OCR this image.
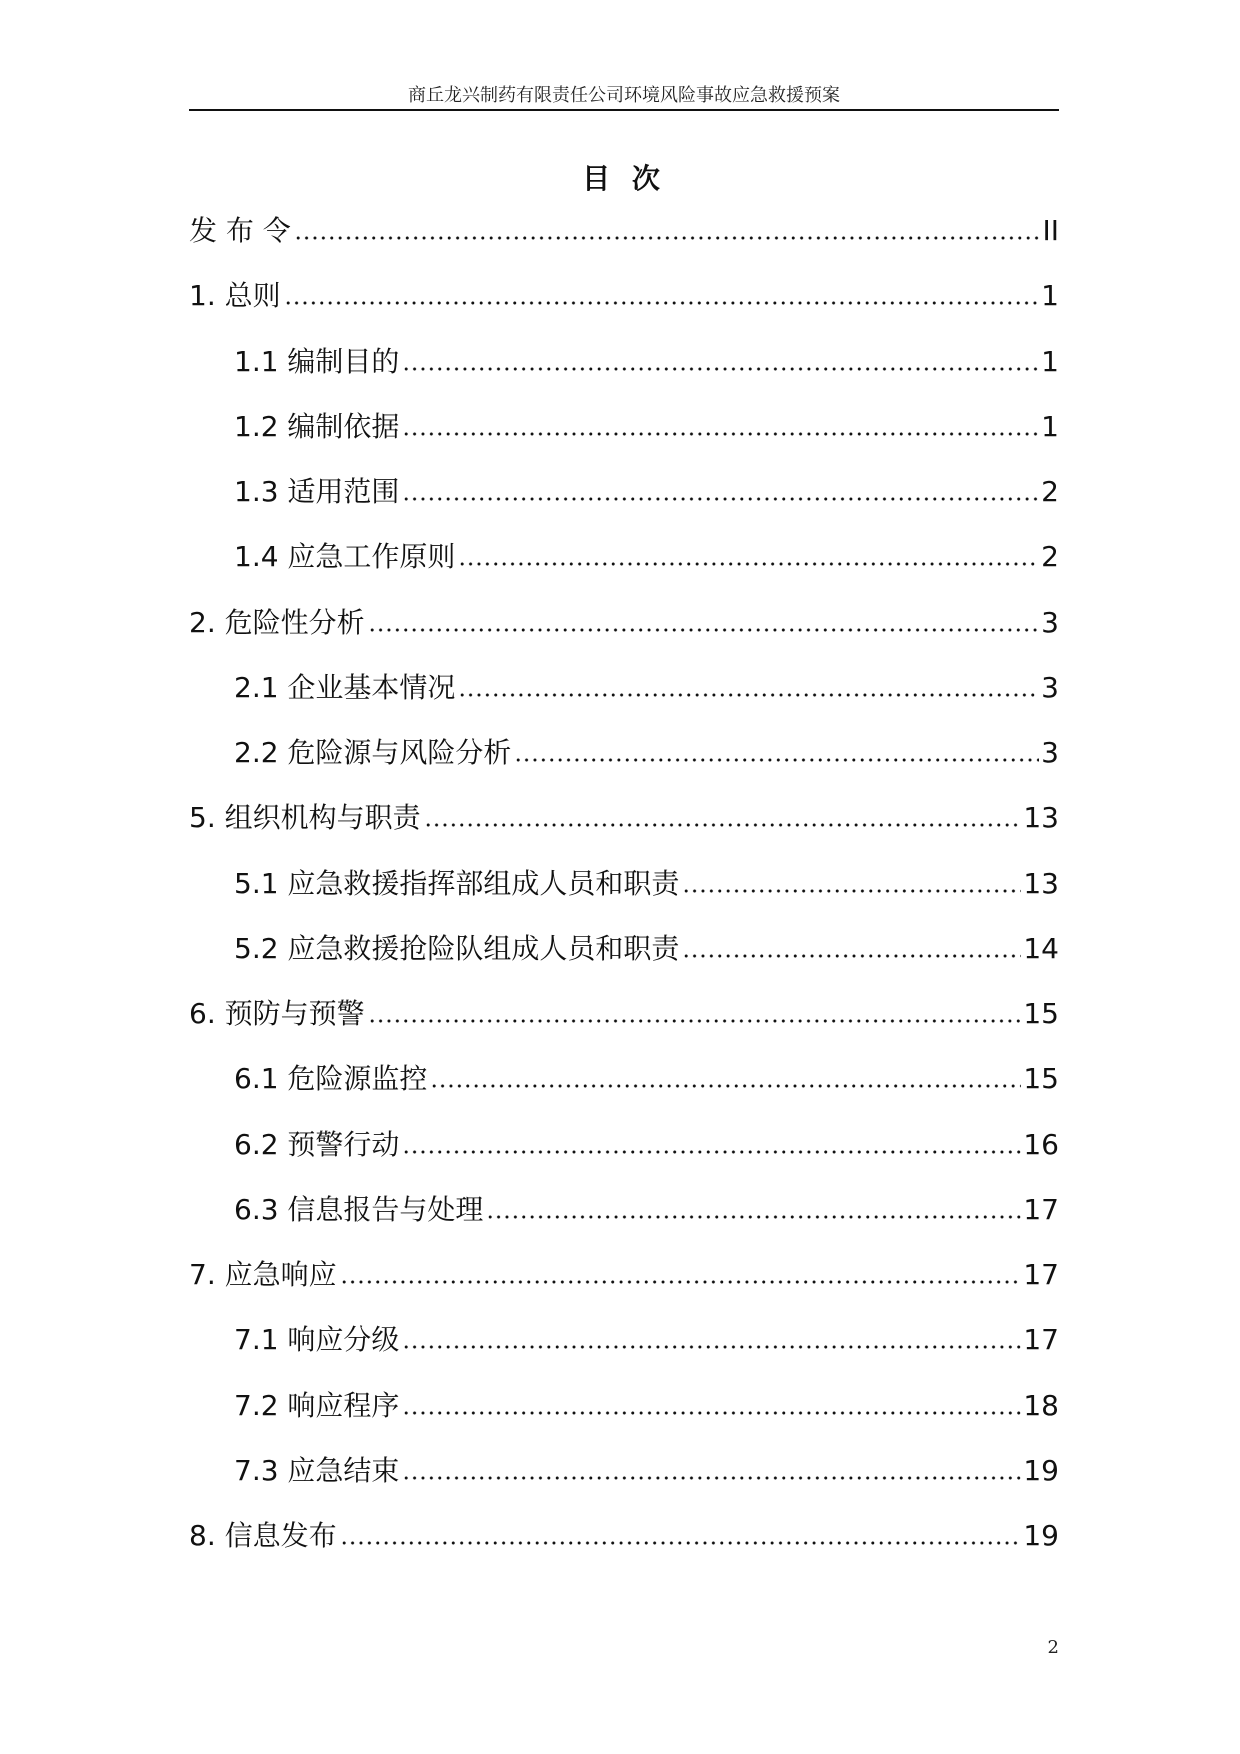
商丘龙兴制药有限责任公司环境风险事故应急救援预案
目 次
发 布 令	II
1. 总则	1
1.1 编制目的	1
1.2 编制依据	1
1.3 适用范围	2
1.4 应急工作原则	2
2. 危险性分析	3
2.1 企业基本情况	3
2.2 危险源与风险分析	3
5. 组织机构与职责	13
5.1 应急救援指挥部组成人员和职责	13
5.2 应急救援抢险队组成人员和职责	14
6. 预防与预警	15
6.1 危险源监控	15
6.2 预警行动	16
6.3 信息报告与处理	17
7. 应急响应	17
7.1 响应分级	17
7.2 响应程序	18
7.3 应急结束	19
8. 信息发布	19
2
